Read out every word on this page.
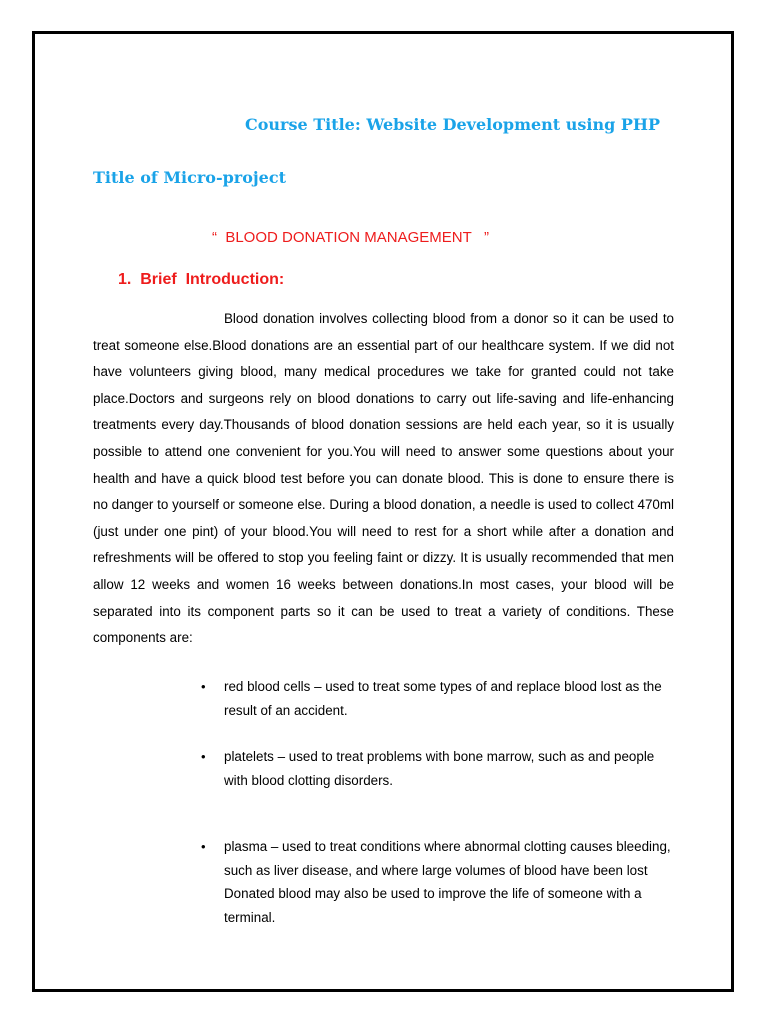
Course Title: Website Development using PHP
Title of Micro-project
“  BLOOD DONATION MANAGEMENT   ”
1.  Brief  Introduction:

Blood donation involves collecting blood from a donor so it can be used to treat someone else.Blood donations are an essential part of our healthcare system. If we did not have volunteers giving blood, many medical procedures we take for granted could not take place.Doctors and surgeons rely on blood donations to carry out life-saving and life-enhancing treatments every day.Thousands of blood donation sessions are held each year, so it is usually possible to attend one convenient for you.You will need to answer some questions about your health and have a quick blood test before you can donate blood. This is done to ensure there is no danger to yourself or someone else. During a blood donation, a needle is used to collect 470ml (just under one pint) of your blood.You will need to rest for a short while after a donation and refreshments will be offered to stop you feeling faint or dizzy. It is usually recommended that men allow 12 weeks and women 16 weeks between donations.In most cases, your blood will be separated into its component parts so it can be used to treat a variety of conditions. These components are:

•	red blood cells – used to treat some types of and replace blood lost as the result of an accident.
•	platelets – used to treat problems with bone marrow, such as and people with blood clotting disorders.
•	plasma – used to treat conditions where abnormal clotting causes bleeding, such as liver disease, and where large volumes of blood have been lost Donated blood may also be used to improve the life of someone with a terminal.
